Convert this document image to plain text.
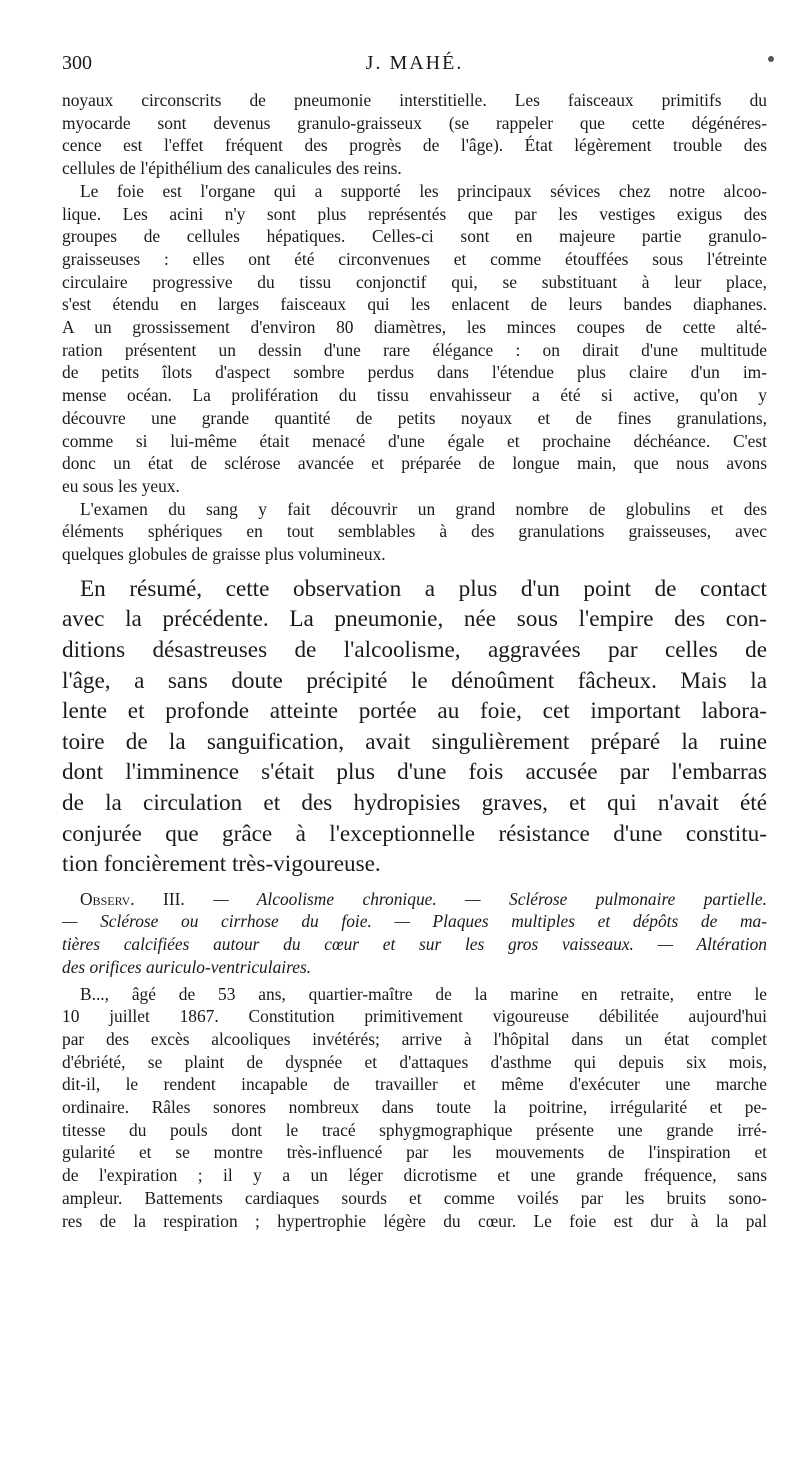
300	J. MAHÉ.
noyaux circonscrits de pneumonie interstitielle. Les faisceaux primitifs du
myocarde sont devenus granulo-graisseux (se rappeler que cette dégénéres-
cence est l'effet fréquent des progrès de l'âge). État légèrement trouble des
cellules de l'épithélium des canalicules des reins.
Le foie est l'organe qui a supporté les principaux sévices chez notre alcoo-
lique. Les acini n'y sont plus représentés que par les vestiges exigus des
groupes de cellules hépatiques. Celles-ci sont en majeure partie granulo-
graisseuses : elles ont été circonvenues et comme étouffées sous l'étreinte
circulaire progressive du tissu conjonctif qui, se substituant à leur place,
s'est étendu en larges faisceaux qui les enlacent de leurs bandes diaphanes.
A un grossissement d'environ 80 diamètres, les minces coupes de cette alté-
ration présentent un dessin d'une rare élégance : on dirait d'une multitude
de petits îlots d'aspect sombre perdus dans l'étendue plus claire d'un im-
mense océan. La prolifération du tissu envahisseur a été si active, qu'on y
découvre une grande quantité de petits noyaux et de fines granulations,
comme si lui-même était menacé d'une égale et prochaine déchéance. C'est
donc un état de sclérose avancée et préparée de longue main, que nous avons
eu sous les yeux.
L'examen du sang y fait découvrir un grand nombre de globulins et des
éléments sphériques en tout semblables à des granulations graisseuses, avec
quelques globules de graisse plus volumineux.
En résumé, cette observation a plus d'un point de contact
avec la précédente. La pneumonie, née sous l'empire des con-
ditions désastreuses de l'alcoolisme, aggravées par celles de
l'âge, a sans doute précipité le dénoûment fâcheux. Mais la
lente et profonde atteinte portée au foie, cet important labora-
toire de la sanguification, avait singulièrement préparé la ruine
dont l'imminence s'était plus d'une fois accusée par l'embarras
de la circulation et des hydropisies graves, et qui n'avait été
conjurée que grâce à l'exceptionnelle résistance d'une constitu-
tion foncièrement très-vigoureuse.
Observ. III. — Alcoolisme chronique. — Sclérose pulmonaire partielle.
— Sclérose ou cirrhose du foie. — Plaques multiples et dépôts de ma-
tières calcifiées autour du cœur et sur les gros vaisseaux. — Altération
des orifices auriculo-ventriculaires.
B..., âgé de 53 ans, quartier-maître de la marine en retraite, entre le
10 juillet 1867. Constitution primitivement vigoureuse débilitée aujourd'hui
par des excès alcooliques invétérés; arrive à l'hôpital dans un état complet
d'ébriété, se plaint de dyspnée et d'attaques d'asthme qui depuis six mois,
dit-il, le rendent incapable de travailler et même d'exécuter une marche
ordinaire. Râles sonores nombreux dans toute la poitrine, irrégularité et pe-
titesse du pouls dont le tracé sphygmographique présente une grande irré-
gularité et se montre très-influencé par les mouvements de l'inspiration et
de l'expiration ; il y a un léger dicrotisme et une grande fréquence, sans
ampleur. Battements cardiaques sourds et comme voilés par les bruits sono-
res de la respiration ; hypertrophie légère du cœur. Le foie est dur à la pal
